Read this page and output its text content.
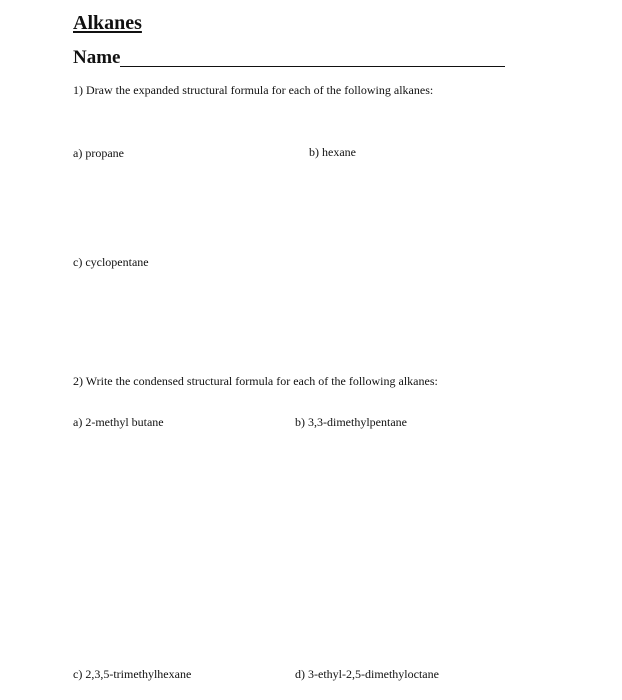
Alkanes
Name
1) Draw the expanded structural formula for each of the following alkanes:
a) propane	b) hexane
c) cyclopentane
2) Write the condensed structural formula for each of the following alkanes:
a) 2-methyl butane	b) 3,3-dimethylpentane
c) 2,3,5-trimethylhexane	d) 3-ethyl-2,5-dimethyloctane
